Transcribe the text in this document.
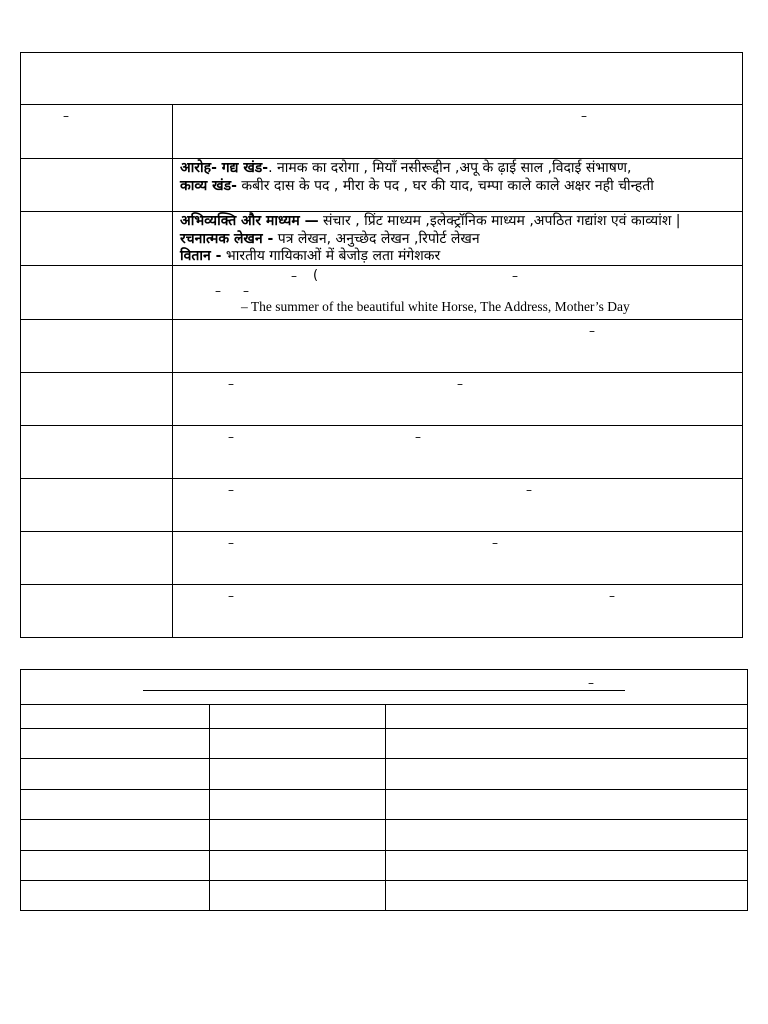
–	–
आरोह- गद्य खंड-. नामक का दरोगा , मियाँ नसीरूद्दीन ,अपू के ढ़ाई साल ,विदाई संभाषण,
काव्य खंड- कबीर दास के पद , मीरा के पद , घर की याद, चम्पा काले काले अक्षर नही चीन्हती
अभिव्यक्ति और माध्यम — संचार , प्रिंट माध्यम ,इलेक्ट्रॉनिक माध्यम ,अपठित गद्यांश एवं काव्यांश |
रचनात्मक लेखन - पत्र लेखन, अनुच्छेद लेखन ,रिपोर्ट लेखन
वितान - भारतीय गायिकाओं में बेजोड़ लता मंगेशकर
– (	–
– –
– The summer of the beautiful white Horse, The Address, Mother’s Day
–
–	–
–	–
–	–
–	–
–	–
–
